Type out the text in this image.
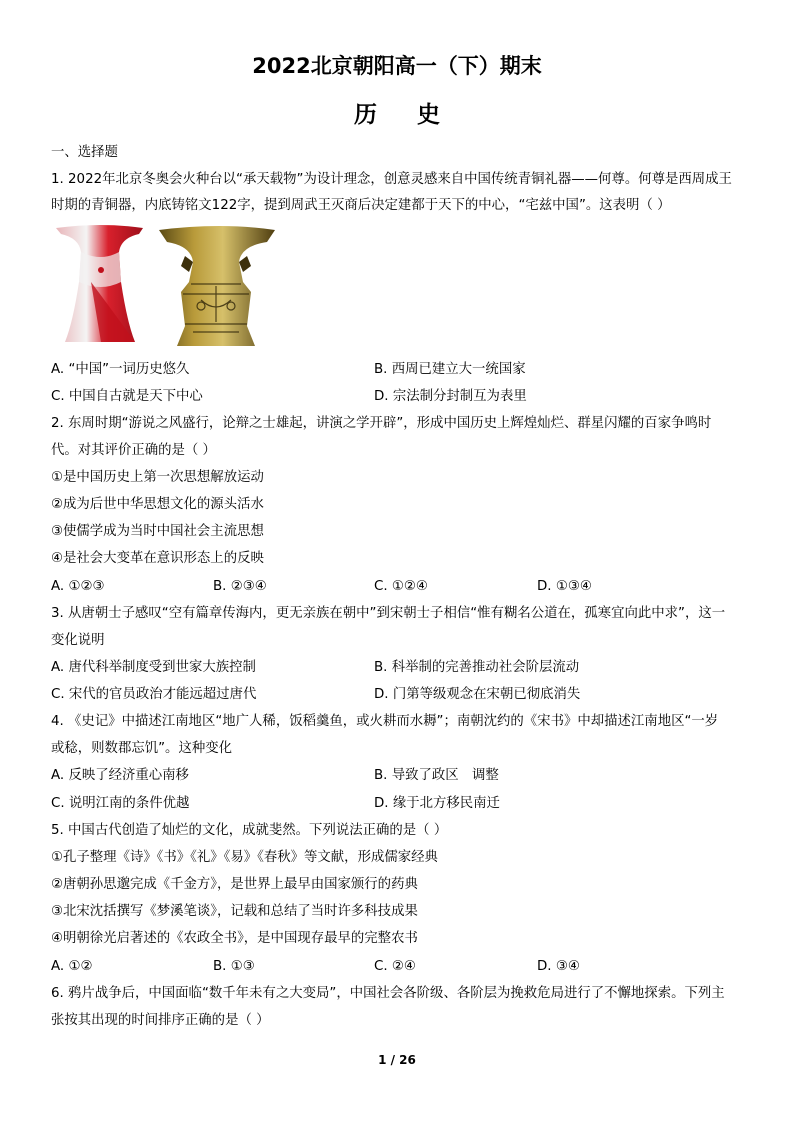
2022北京朝阳高一（下）期末
历史
一、选择题
1. 2022年北京冬奥会火种台以“承天载物”为设计理念，创意灵感来自中国传统青铜礼器——何尊。何尊是西周成王
时期的青铜器，内底铸铭文122字，提到周武王灭商后决定建都于天下的中心，“宅兹中国”。这表明（ ）
A. “中国”一词历史悠久	B. 西周已建立大一统国家
C. 中国自古就是天下中心	D. 宗法制分封制互为表里
2. 东周时期“游说之风盛行，论辩之士雄起，讲演之学开辟”，形成中国历史上辉煌灿烂、群星闪耀的百家争鸣时
代。对其评价正确的是（ ）
①是中国历史上第一次思想解放运动
②成为后世中华思想文化的源头活水
③使儒学成为当时中国社会主流思想
④是社会大变革在意识形态上的反映
A. ①②③	B. ②③④	C. ①②④	D. ①③④
3. 从唐朝士子感叹“空有篇章传海内，更无亲族在朝中”到宋朝士子相信“惟有糊名公道在，孤寒宜向此中求”，这一
变化说明
A. 唐代科举制度受到世家大族控制	B. 科举制的完善推动社会阶层流动
C. 宋代的官员政治才能远超过唐代	D. 门第等级观念在宋朝已彻底消失
4. 《史记》中描述江南地区“地广人稀，饭稻羹鱼，或火耕而水耨”；南朝沈约的《宋书》中却描述江南地区“一岁
或稔，则数郡忘饥”。这种变化
A. 反映了经济重心南移	B. 导致了政区　调整
C. 说明江南的条件优越	D. 缘于北方移民南迁
5. 中国古代创造了灿烂的文化，成就斐然。下列说法正确的是（ ）
①孔子整理《诗》《书》《礼》《易》《春秋》等文献，形成儒家经典
②唐朝孙思邈完成《千金方》，是世界上最早由国家颁行的药典
③北宋沈括撰写《梦溪笔谈》，记载和总结了当时许多科技成果
④明朝徐光启著述的《农政全书》，是中国现存最早的完整农书
A. ①②	B. ①③	C. ②④	D. ③④
6. 鸦片战争后，中国面临“数千年未有之大变局”，中国社会各阶级、各阶层为挽救危局进行了不懈地探索。下列主
张按其出现的时间排序正确的是（ ）
1 / 26
